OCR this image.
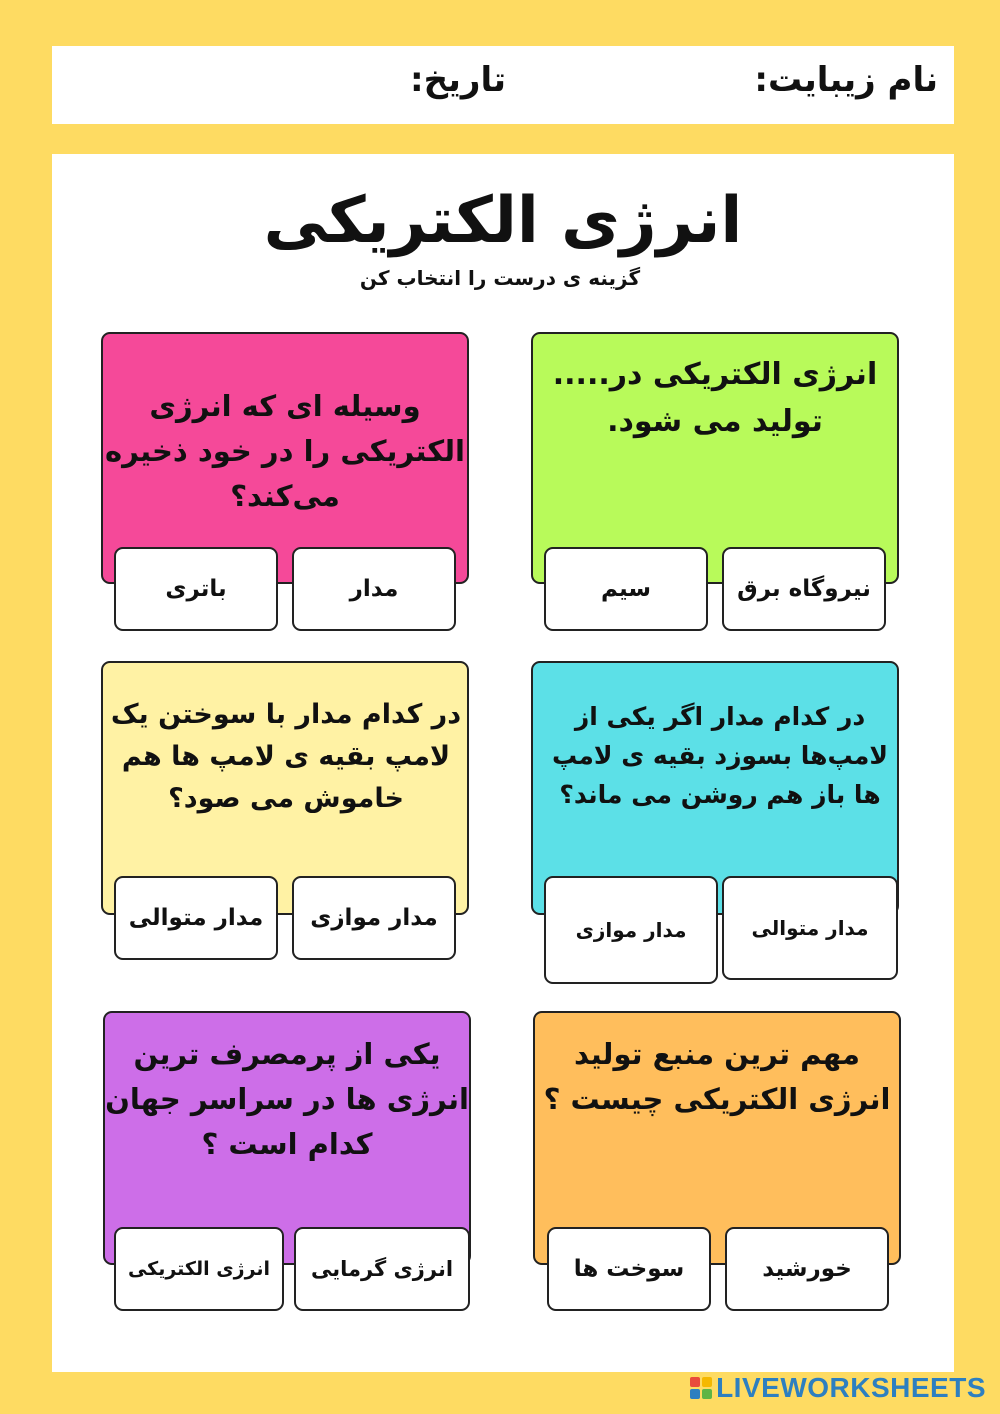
نام زیبایت:
تاریخ:
انرژی الکتریکی
گزینه ی درست را انتخاب کن
انرژی الکتریکی در..... تولید می شود.
نیروگاه برق
سیم
وسیله ای که انرژی الکتریکی را در خود ذخیره می‌کند؟
مدار
باتری
در کدام مدار اگر یکی از لامپ‌ها بسوزد بقیه ی لامپ ها باز هم روشن می ماند؟
مدار متوالی
مدار موازی
در کدام مدار با سوختن یک لامپ بقیه ی لامپ ها هم خاموش می صود؟
مدار موازی
مدار متوالی
مهم ترین منبع تولید انرژی الکتریکی چیست ؟
خورشید
سوخت ها
یکی از پرمصرف ترین انرژی ها در سراسر جهان کدام است ؟
انرژی گرمایی
انرژی الکتریکی
LIVEWORKSHEETS
